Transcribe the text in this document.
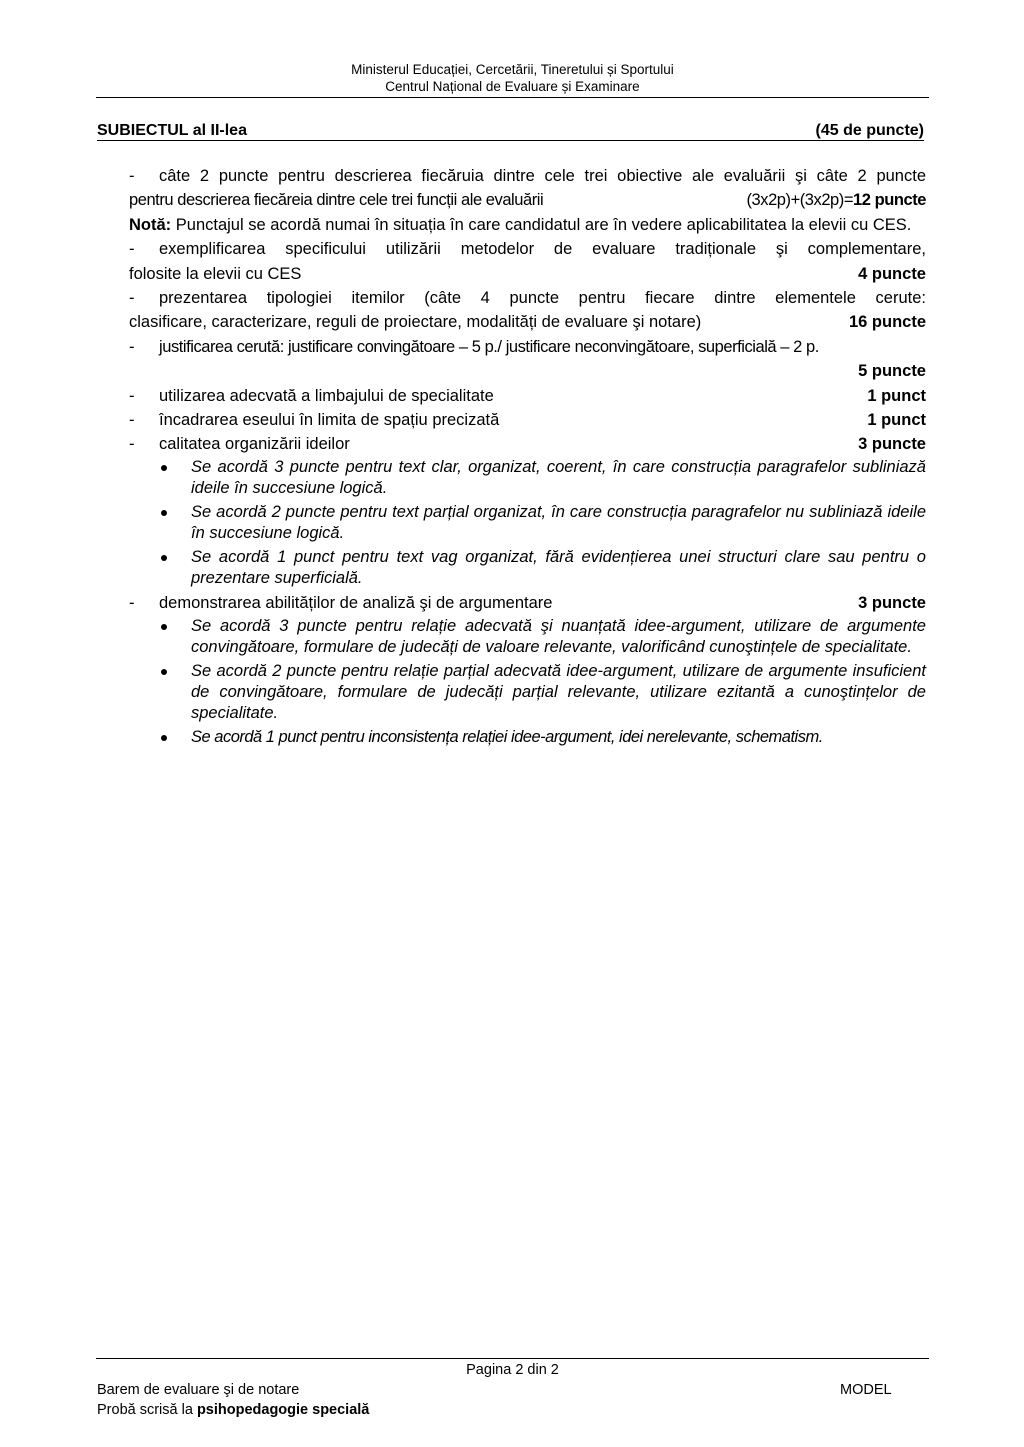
Ministerul Educației, Cercetării, Tineretului și Sportului
Centrul Național de Evaluare și Examinare
SUBIECTUL al II-lea	(45 de puncte)
- câte 2 puncte pentru descrierea fiecăruia dintre cele trei obiective ale evaluării şi câte 2 puncte
pentru descrierea fiecăreia dintre cele trei funcții ale evaluării	(3x2p)+(3x2p)=12 puncte
Notă: Punctajul se acordă numai în situația în care candidatul are în vedere aplicabilitatea la elevii cu CES.
- exemplificarea specificului utilizării metodelor de evaluare tradiționale şi complementare,
folosite la elevii cu CES	4 puncte
- prezentarea tipologiei itemilor (câte 4 puncte pentru fiecare dintre elementele cerute:
clasificare, caracterizare, reguli de proiectare, modalități de evaluare şi notare)	16 puncte
- justificarea cerută: justificare convingătoare – 5 p./ justificare neconvingătoare, superficială – 2 p.
5 puncte
- utilizarea adecvată a limbajului de specialitate	1 punct
- încadrarea eseului în limita de spațiu precizată	1 punct
- calitatea organizării ideilor	3 puncte
Se acordă 3 puncte pentru text clar, organizat, coerent, în care construcția paragrafelor subliniază ideile în succesiune logică.
Se acordă 2 puncte pentru text parțial organizat, în care construcția paragrafelor nu subliniază ideile în succesiune logică.
Se acordă 1 punct pentru text vag organizat, fără evidențierea unei structuri clare sau pentru o prezentare superficială.
- demonstrarea abilităților de analiză şi de argumentare	3 puncte
Se acordă 3 puncte pentru relație adecvată şi nuanțată idee-argument, utilizare de argumente convingătoare, formulare de judecăți de valoare relevante, valorificând cunoştințele de specialitate.
Se acordă 2 puncte pentru relație parțial adecvată idee-argument, utilizare de argumente insuficient de convingătoare, formulare de judecăți parțial relevante, utilizare ezitantă a cunoştințelor de specialitate.
Se acordă 1 punct pentru inconsistența relației idee-argument, idei nerelevante, schematism.
Pagina 2 din 2
Barem de evaluare şi de notare
Probă scrisă la psihopedagogie specială
MODEL
